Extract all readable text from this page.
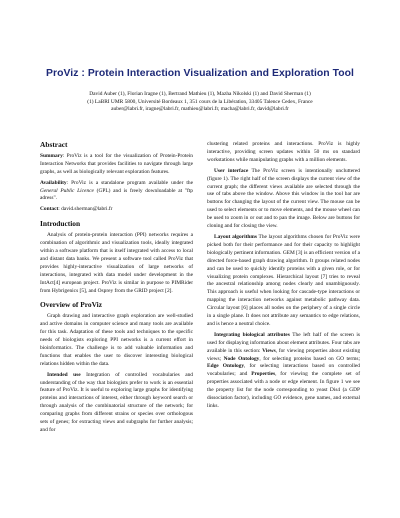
ProViz : Protein Interaction Visualization and Exploration Tool

David Auber (1), Florian Iragne (1), Bertrand Mathieu (1), Mazha Nikolski (1) and David Sherman (1)

(1) LaBRI UMR 5800, Université Bordeaux 1, 351 cours de la Libération, 33405 Talence Cedex, France

auber@labri.fr, iragne@labri.fr, mathieu@labri.fr, macha@labri.fr, david@labri.fr

Abstract

Summary: ProViz is a tool for the visualization of Protein-Protein Interaction Networks that provides facilities to navigate through large graphs, as well as biologically relevant exploration features.

Availability: ProViz is a standalone program available under the General Public Licence (GPL) and is freely downloadable at "ftp adress".

Contact: david.sherman@labri.fr

Introduction

Analysis of protein-protein interaction (PPI) networks requires a combination of algorithmic and visualization tools, ideally integrated within a software platform that is itself integrated with access to local and distant data banks. We present a software tool called ProViz that provides highly-interactive visualization of large networks of interactions, integrated with data model under development in the IntAct[4] european project. ProViz is similar in purpose to PIMRider from Hybrigenics [5], and Osprey from the GRID project [2].

Overview of ProViz

Graph drawing and interactive graph exploration are well-studied and active domains in computer science and many tools are available for this task. Adaptation of these tools and techniques to the specific needs of biologists exploring PPI networks is a current effort in bioinformatics. The challenge is to add valuable information and functions that enables the user to discover interesting biological relations hidden within the data.

Intended use Integration of controlled vocabularies and understanding of the way that biologists prefer to work is an essential feature of ProViz. It is useful to exploring large graphs for identifying proteins and interactions of interest, either through keyword search or through analysis of the combinatorial structure of the network; for comparing graphs from different strains or species over orthologous sets of genes; for extracting views and subgraphs for further analysis; and for

clustering related proteins and interactions. ProViz is highly interactive, providing screen updates within 50 ms on standard workstations while manipulating graphs with a million elements.

User interface The ProViz screen is intentionally uncluttered (figure 1). The right half of the screen displays the current view of the current graph; the different views available are selected through the use of tabs above the window. Above this window in the tool bar are buttons for changing the layout of the current view. The mouse can be used to select elements or to move elements, and the mouse wheel can be used to zoom in or out and to pan the image. Below are buttons for cloning and for closing the view.

Layout algorithms The layout algorithms chosen for ProViz were picked both for their performance and for their capacity to highlight biologically pertinent information. GEM [3] is an efficient version of a directed force-based graph drawing algorithm. It groups related nodes and can be used to quickly identify proteins with a given role, or for visualizing protein complexes. Hierarchical layout [7] tries to reveal the ancestral relationship among nodes clearly and unambiguously. This approach is useful when looking for cascade-type interactions or mapping the interaction networks against metabolic pathway data. Circular layout [6] places all nodes on the periphery of a single circle in a single plane. It does not attribute any semantics to edge relations, and is hence a neutral choice.

Integrating biological attributes The left half of the screen is used for displaying information about element attributes. Four tabs are available in this section: Views, for viewing properties about existing views; Node Ontology, for selecting proteins based on GO terms; Edge Ontology, for selecting interactions based on controlled vocabularies; and Properties, for viewing the complete set of properties associated with a node or edge element. In figure 1 we see the property list for the node corresponding to yeast Dis4 (a GDP dissociation factor), including GO evidence, gene names, and external links.
